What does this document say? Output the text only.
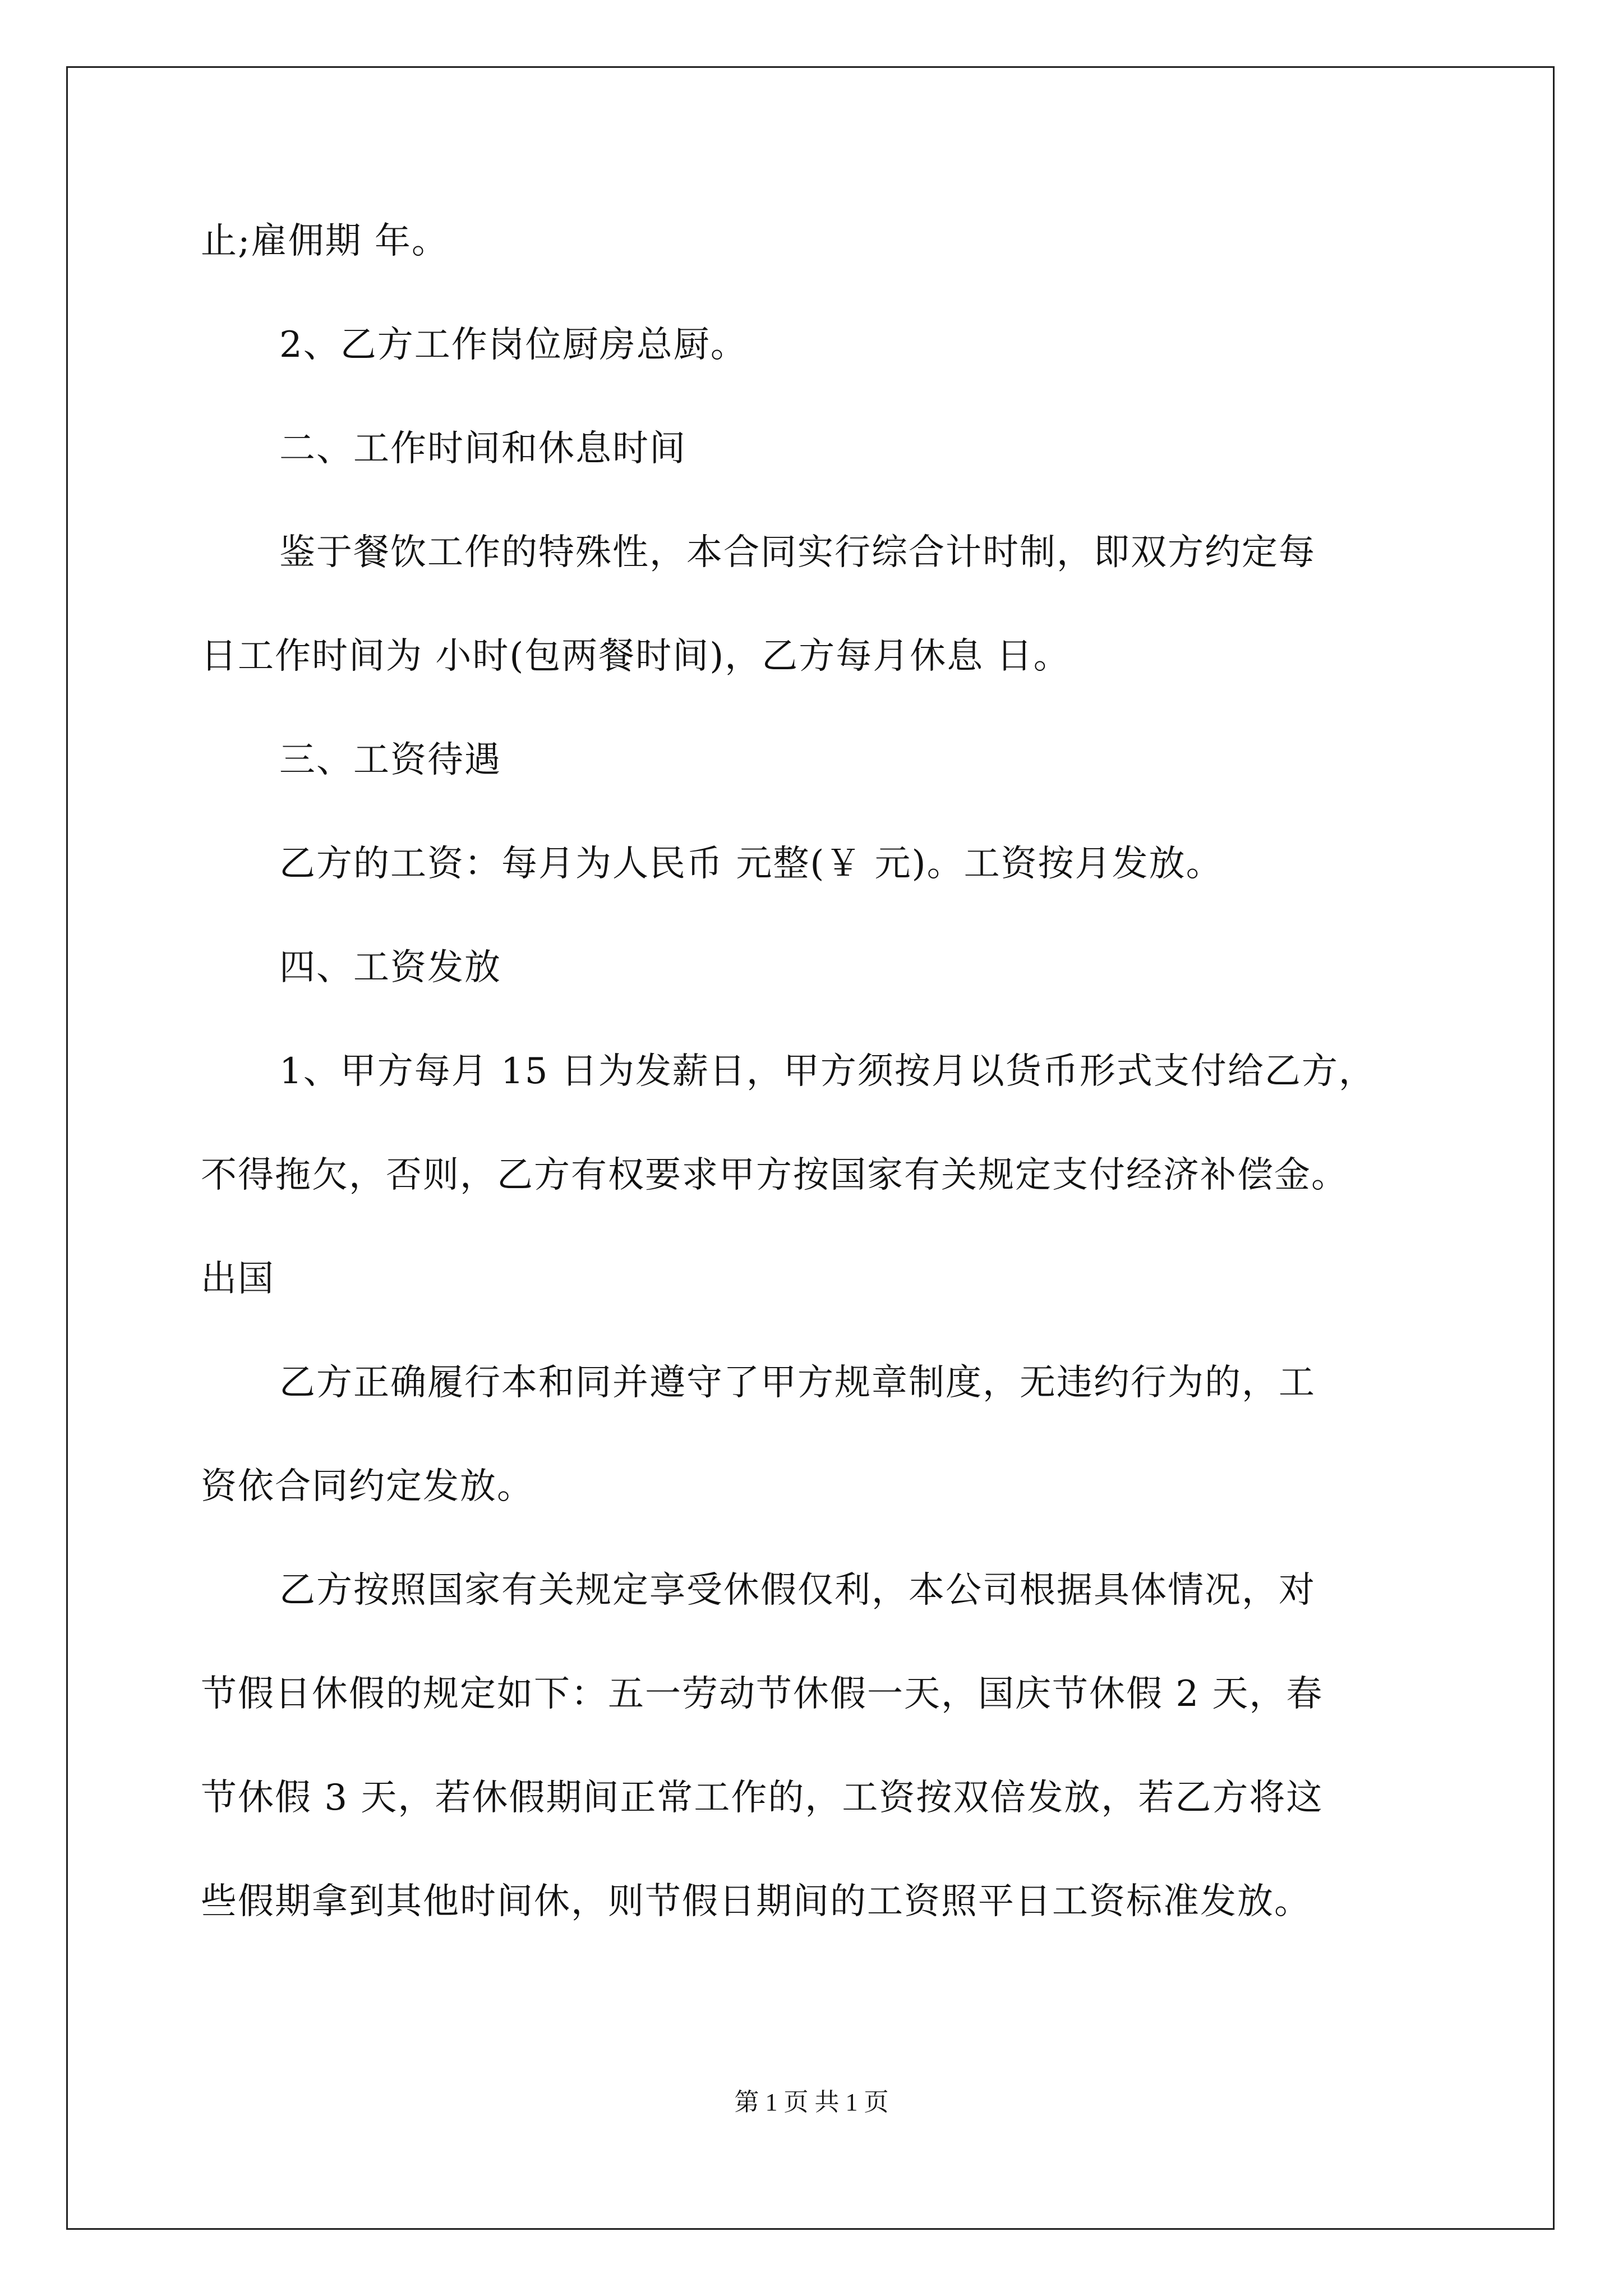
止;雇佣期 年。
2、乙方工作岗位厨房总厨。
二、工作时间和休息时间
鉴于餐饮工作的特殊性，本合同实行综合计时制，即双方约定每
日工作时间为 小时(包两餐时间)，乙方每月休息 日。
三、工资待遇
乙方的工资：每月为人民币 元整(￥ 元)。工资按月发放。
四、工资发放
1、甲方每月 15 日为发薪日，甲方须按月以货币形式支付给乙方，
不得拖欠，否则，乙方有权要求甲方按国家有关规定支付经济补偿金。
出国
乙方正确履行本和同并遵守了甲方规章制度，无违约行为的，工
资依合同约定发放。
乙方按照国家有关规定享受休假仅利，本公司根据具体情况，对
节假日休假的规定如下：五一劳动节休假一天，国庆节休假 2 天，春
节休假 3 天，若休假期间正常工作的，工资按双倍发放，若乙方将这
些假期拿到其他时间休，则节假日期间的工资照平日工资标准发放。
第 1 页 共 1 页
